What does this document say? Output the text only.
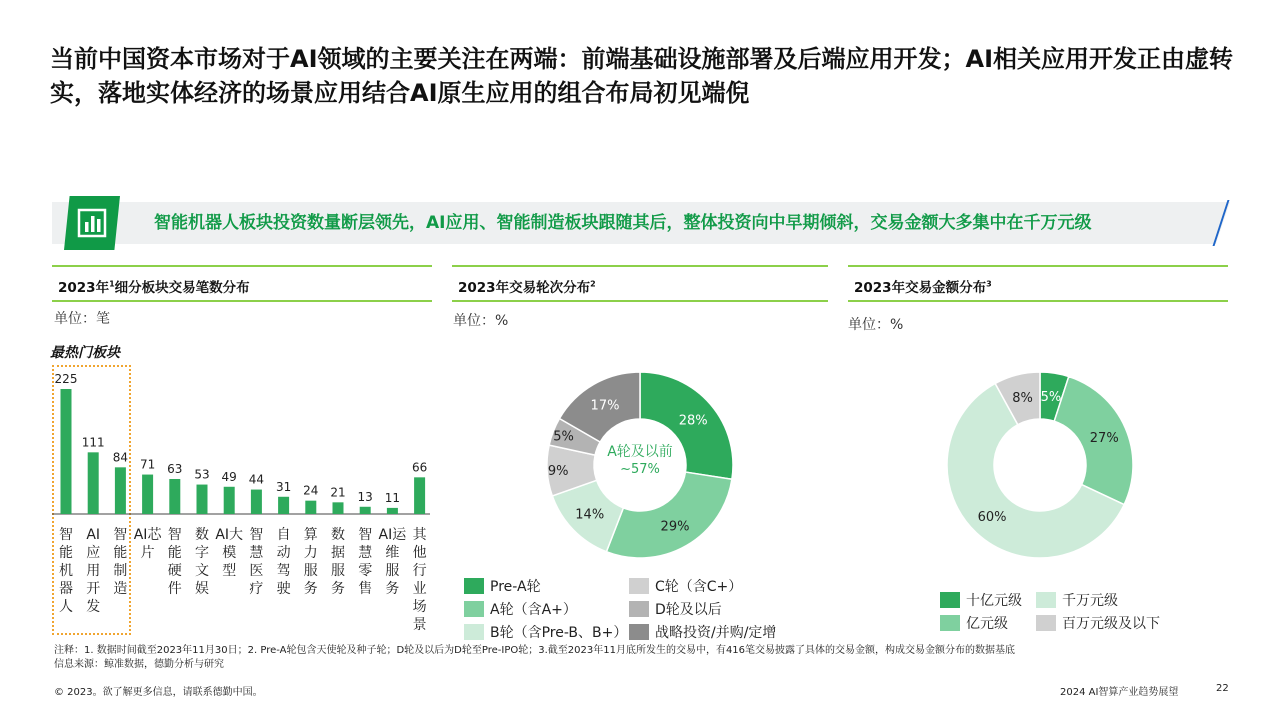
当前中国资本市场对于AI领域的主要关注在两端：前端基础设施部署及后端应用开发；AI相关应用开发正由虚转实，落地实体经济的场景应用结合AI原生应用的组合布局初见端倪
智能机器人板块投资数量断层领先，AI应用、智能制造板块跟随其后，整体投资向中早期倾斜，交易金额大多集中在千万元级
2023年$^1$细分板块交易笔数分布
单位：笔
最热门板块
225
智
能
机
器
人
111
AI
应
用
开
发
84
智
能
制
造
71
AI芯
片
63
智
能
硬
件
53
数
字
文
娱
49
AI大
模
型
44
智
慧
医
疗
31
自
动
驾
驶
24
算
力
服
务
21
数
据
服
务
13
智
慧
零
售
11
AI运
维
服
务
66
其
他
行
业
场
景
2023年交易轮次分布$^2$
单位：%
28%
29%
14%
9%
5%
17%
A轮及以前
~57%
Pre-A轮	C轮（含C+）
A轮（含A+）	D轮及以后
B轮（含Pre-B、B+） 战略投资/并购/定增
2023年交易金额分布$^3$
单位：%
5%
27%
60%
8%
十亿元级	千万元级
亿元级	百万元级及以下
注释：1. 数据时间截至2023年11月30日；2. Pre-A轮包含天使轮及种子轮；D轮及以后为D轮至Pre-IPO轮；3.截至2023年11月底所发生的交易中，有416笔交易披露了具体的交易金额，构成交易金额分布的数据基底
信息来源：鲸准数据，德勤分析与研究
© 2023。欲了解更多信息，请联系德勤中国。	2024 AI智算产业趋势展望	22
